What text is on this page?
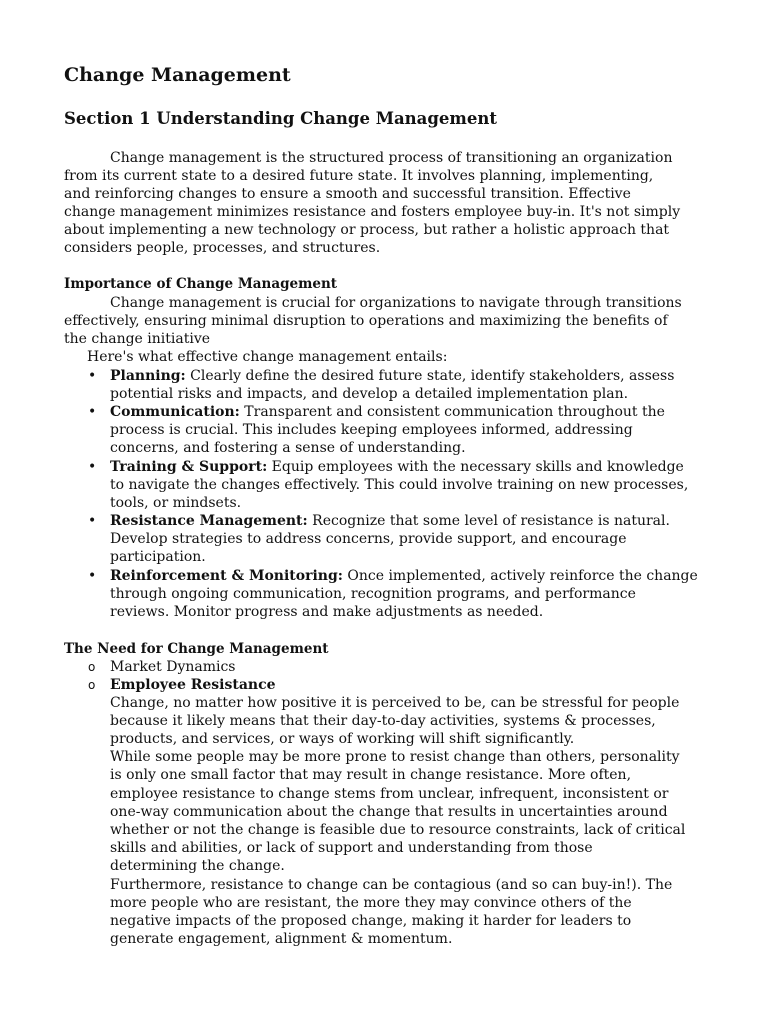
Change Management
Section 1 Understanding Change Management
Change management is the structured process of transitioning an organization
from its current state to a desired future state. It involves planning, implementing,
and reinforcing changes to ensure a smooth and successful transition. Effective
change management minimizes resistance and fosters employee buy-in. It's not simply
about implementing a new technology or process, but rather a holistic approach that
considers people, processes, and structures.
Importance of Change Management
Change management is crucial for organizations to navigate through transitions
effectively, ensuring minimal disruption to operations and maximizing the benefits of
the change initiative
Here's what effective change management entails:
• Planning: Clearly define the desired future state, identify stakeholders, assess
potential risks and impacts, and develop a detailed implementation plan.
• Communication: Transparent and consistent communication throughout the
process is crucial. This includes keeping employees informed, addressing
concerns, and fostering a sense of understanding.
• Training & Support: Equip employees with the necessary skills and knowledge
to navigate the changes effectively. This could involve training on new processes,
tools, or mindsets.
• Resistance Management: Recognize that some level of resistance is natural.
Develop strategies to address concerns, provide support, and encourage
participation.
• Reinforcement & Monitoring: Once implemented, actively reinforce the change
through ongoing communication, recognition programs, and performance
reviews. Monitor progress and make adjustments as needed.
The Need for Change Management
o Market Dynamics
o Employee Resistance
Change, no matter how positive it is perceived to be, can be stressful for people
because it likely means that their day-to-day activities, systems & processes,
products, and services, or ways of working will shift significantly.
While some people may be more prone to resist change than others, personality
is only one small factor that may result in change resistance. More often,
employee resistance to change stems from unclear, infrequent, inconsistent or
one-way communication about the change that results in uncertainties around
whether or not the change is feasible due to resource constraints, lack of critical
skills and abilities, or lack of support and understanding from those
determining the change.
Furthermore, resistance to change can be contagious (and so can buy-in!). The
more people who are resistant, the more they may convince others of the
negative impacts of the proposed change, making it harder for leaders to
generate engagement, alignment & momentum.
